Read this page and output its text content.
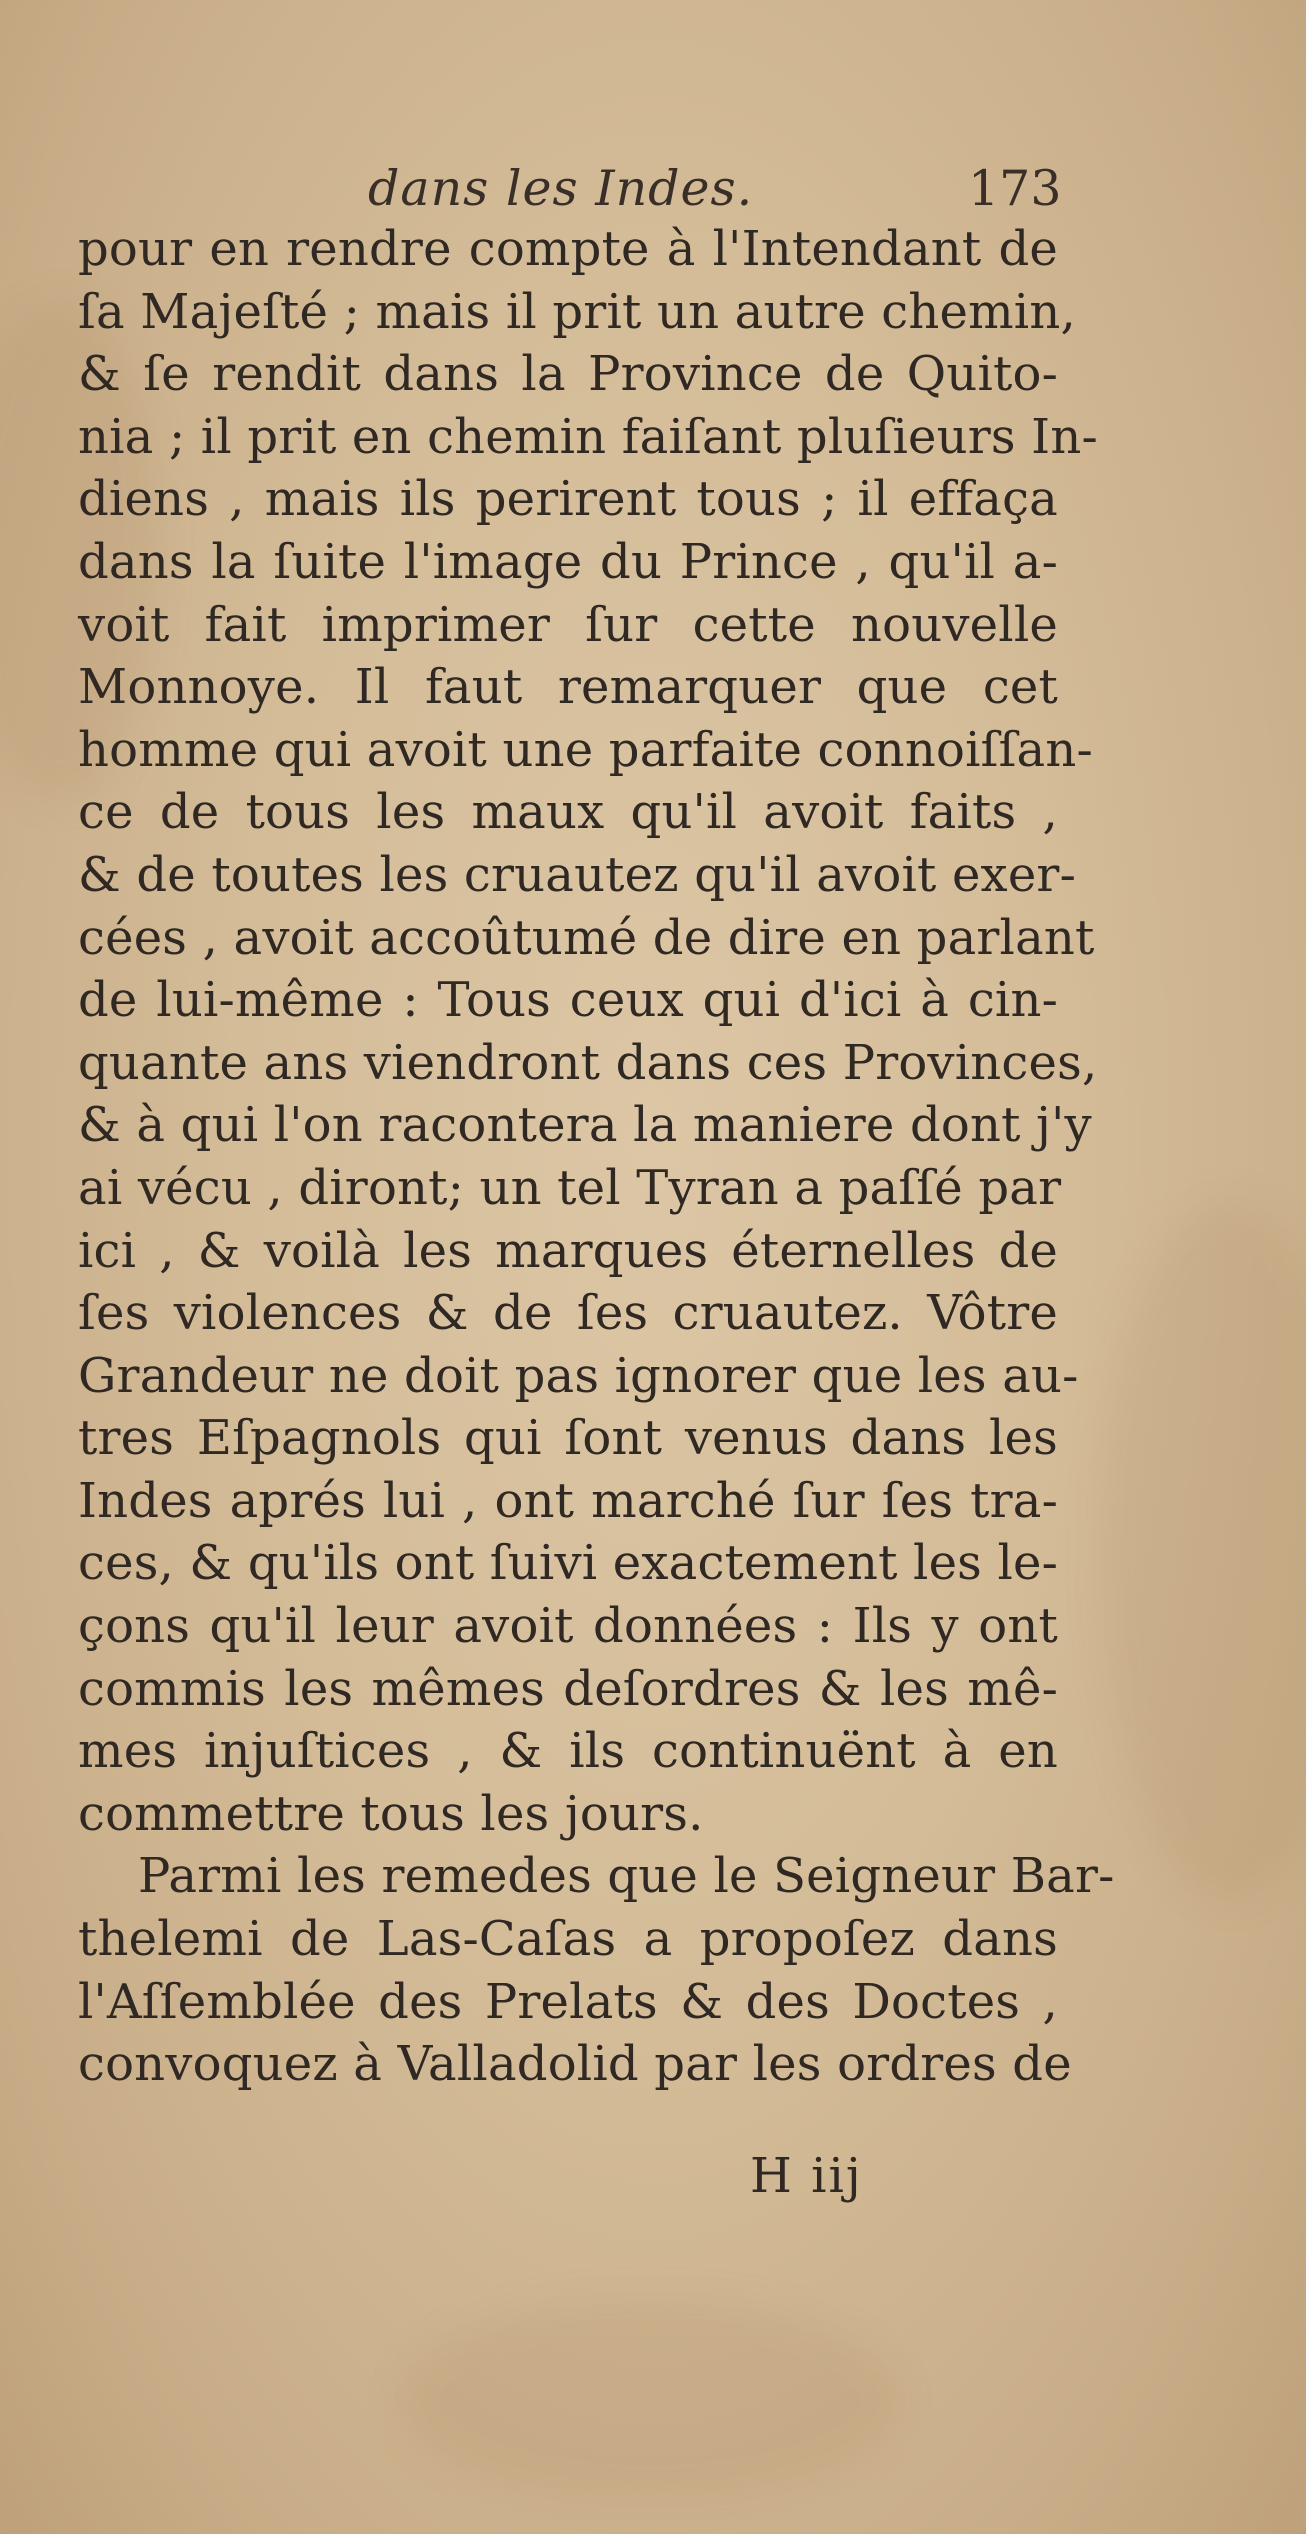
dans les Indes.	173
pour en rendre compte à l'Intendant de
ſa Majeſté ; mais il prit un autre chemin,
& ſe rendit dans la Province de Quito-
nia ; il prit en chemin faiſant pluſieurs In-
diens , mais ils perirent tous ; il effaça
dans la ſuite l'image du Prince , qu'il a-
voit fait imprimer ſur cette nouvelle
Monnoye. Il faut remarquer que cet
homme qui avoit une parfaite connoiſſan-
ce de tous les maux qu'il avoit faits ,
& de toutes les cruautez qu'il avoit exer-
cées , avoit accoûtumé de dire en parlant
de lui-même : Tous ceux qui d'ici à cin-
quante ans viendront dans ces Provinces,
& à qui l'on racontera la maniere dont j'y
ai vécu , diront; un tel Tyran a paſſé par
ici , & voilà les marques éternelles de
ſes violences & de ſes cruautez. Vôtre
Grandeur ne doit pas ignorer que les au-
tres Eſpagnols qui ſont venus dans les
Indes aprés lui , ont marché ſur ſes tra-
ces, & qu'ils ont ſuivi exactement les le-
çons qu'il leur avoit données : Ils y ont
commis les mêmes deſordres & les mê-
mes injuſtices , & ils continuënt à en
commettre tous les jours.
Parmi les remedes que le Seigneur Bar-
thelemi de Las-Caſas a propoſez dans
l'Aſſemblée des Prelats & des Doctes ,
convoquez à Valladolid par les ordres de
H iij
